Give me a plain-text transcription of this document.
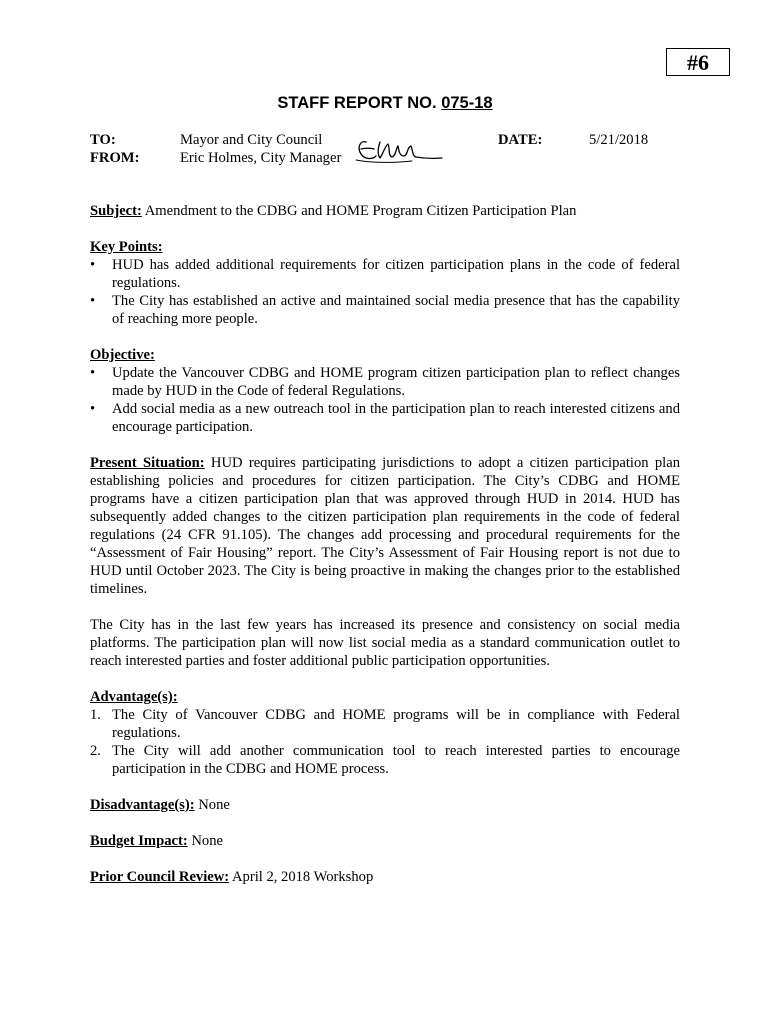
#6
STAFF REPORT NO. 075-18
TO:	Mayor and City Council
FROM:	Eric Holmes, City Manager
DATE:	5/21/2018

Subject: Amendment to the CDBG and HOME Program Citizen Participation Plan

Key Points:

• HUD has added additional requirements for citizen participation plans in the code of federal regulations.
• The City has established an active and maintained social media presence that has the capability of reaching more people.

Objective:

• Update the Vancouver CDBG and HOME program citizen participation plan to reflect changes made by HUD in the Code of federal Regulations.
• Add social media as a new outreach tool in the participation plan to reach interested citizens and encourage participation.

Present Situation: HUD requires participating jurisdictions to adopt a citizen participation plan establishing policies and procedures for citizen participation. The City’s CDBG and HOME programs have a citizen participation plan that was approved through HUD in 2014. HUD has subsequently added changes to the citizen participation plan requirements in the code of federal regulations (24 CFR 91.105). The changes add processing and procedural requirements for the “Assessment of Fair Housing” report. The City’s Assessment of Fair Housing report is not due to HUD until October 2023. The City is being proactive in making the changes prior to the established timelines.

The City has in the last few years has increased its presence and consistency on social media platforms. The participation plan will now list social media as a standard communication outlet to reach interested parties and foster additional public participation opportunities.

Advantage(s):

1. The City of Vancouver CDBG and HOME programs will be in compliance with Federal regulations.
2. The City will add another communication tool to reach interested parties to encourage participation in the CDBG and HOME process.

Disadvantage(s): None

Budget Impact: None

Prior Council Review: April 2, 2018 Workshop
